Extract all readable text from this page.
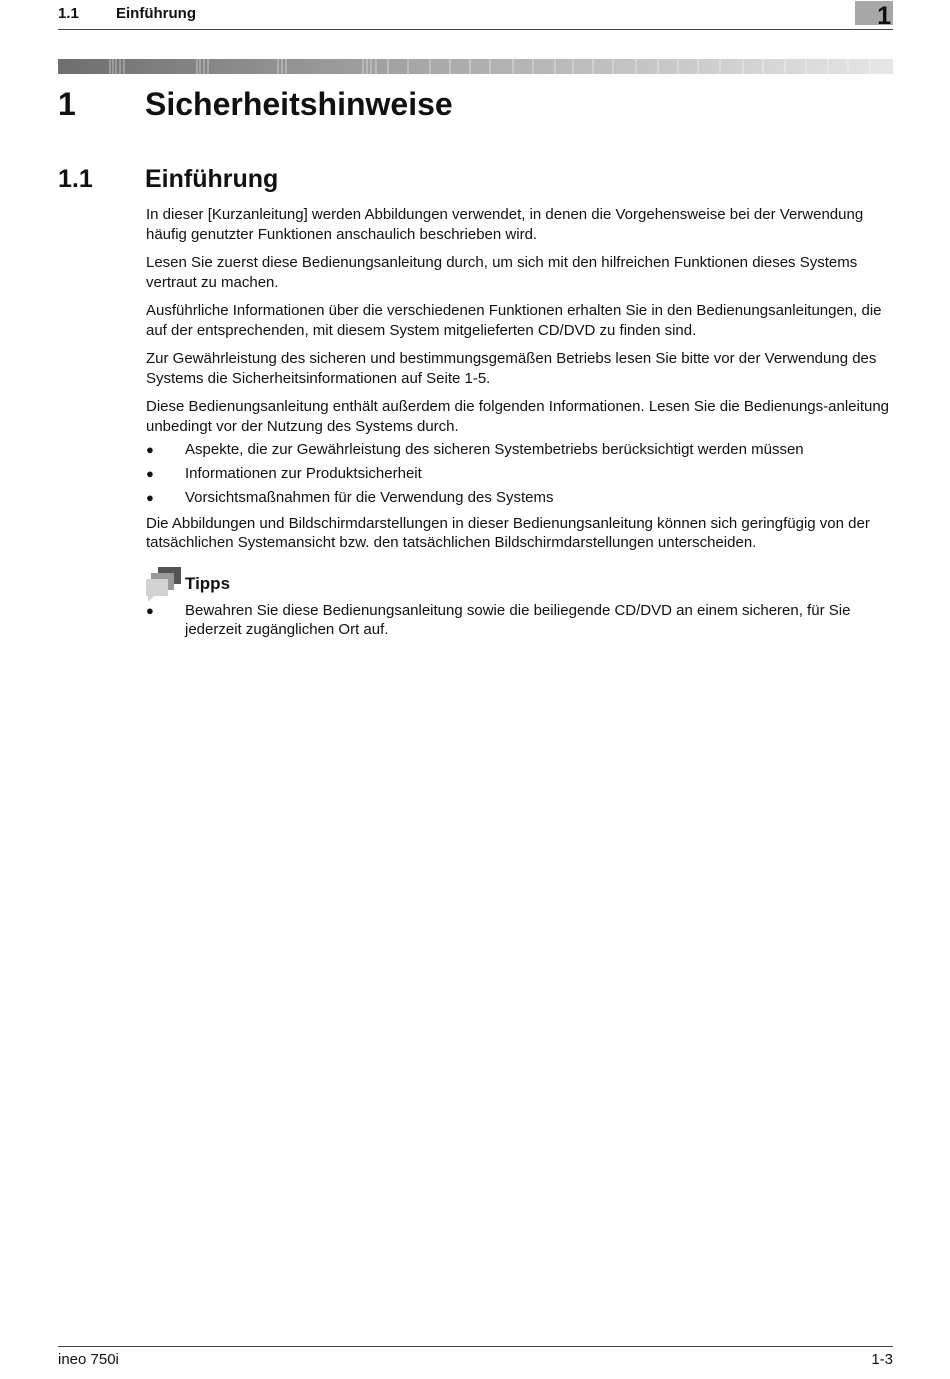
1.1 Einführung	1
1 Sicherheitshinweise
1.1 Einführung

In dieser [Kurzanleitung] werden Abbildungen verwendet, in denen die Vorgehensweise bei der Verwendung häufig genutzter Funktionen anschaulich beschrieben wird.

Lesen Sie zuerst diese Bedienungsanleitung durch, um sich mit den hilfreichen Funktionen dieses Systems vertraut zu machen.

Ausführliche Informationen über die verschiedenen Funktionen erhalten Sie in den Bedienungsanleitungen, die auf der entsprechenden, mit diesem System mitgelieferten CD/DVD zu finden sind.

Zur Gewährleistung des sicheren und bestimmungsgemäßen Betriebs lesen Sie bitte vor der Verwendung des Systems die Sicherheitsinformationen auf Seite 1-5.

Diese Bedienungsanleitung enthält außerdem die folgenden Informationen. Lesen Sie die Bedienungs-anleitung unbedingt vor der Nutzung des Systems durch.

● Aspekte, die zur Gewährleistung des sicheren Systembetriebs berücksichtigt werden müssen
● Informationen zur Produktsicherheit
● Vorsichtsmaßnahmen für die Verwendung des Systems

Die Abbildungen und Bildschirmdarstellungen in dieser Bedienungsanleitung können sich geringfügig von der tatsächlichen Systemansicht bzw. den tatsächlichen Bildschirmdarstellungen unterscheiden.

Tipps
● Bewahren Sie diese Bedienungsanleitung sowie die beiliegende CD/DVD an einem sicheren, für Sie jederzeit zugänglichen Ort auf.
ineo 750i	1-3
